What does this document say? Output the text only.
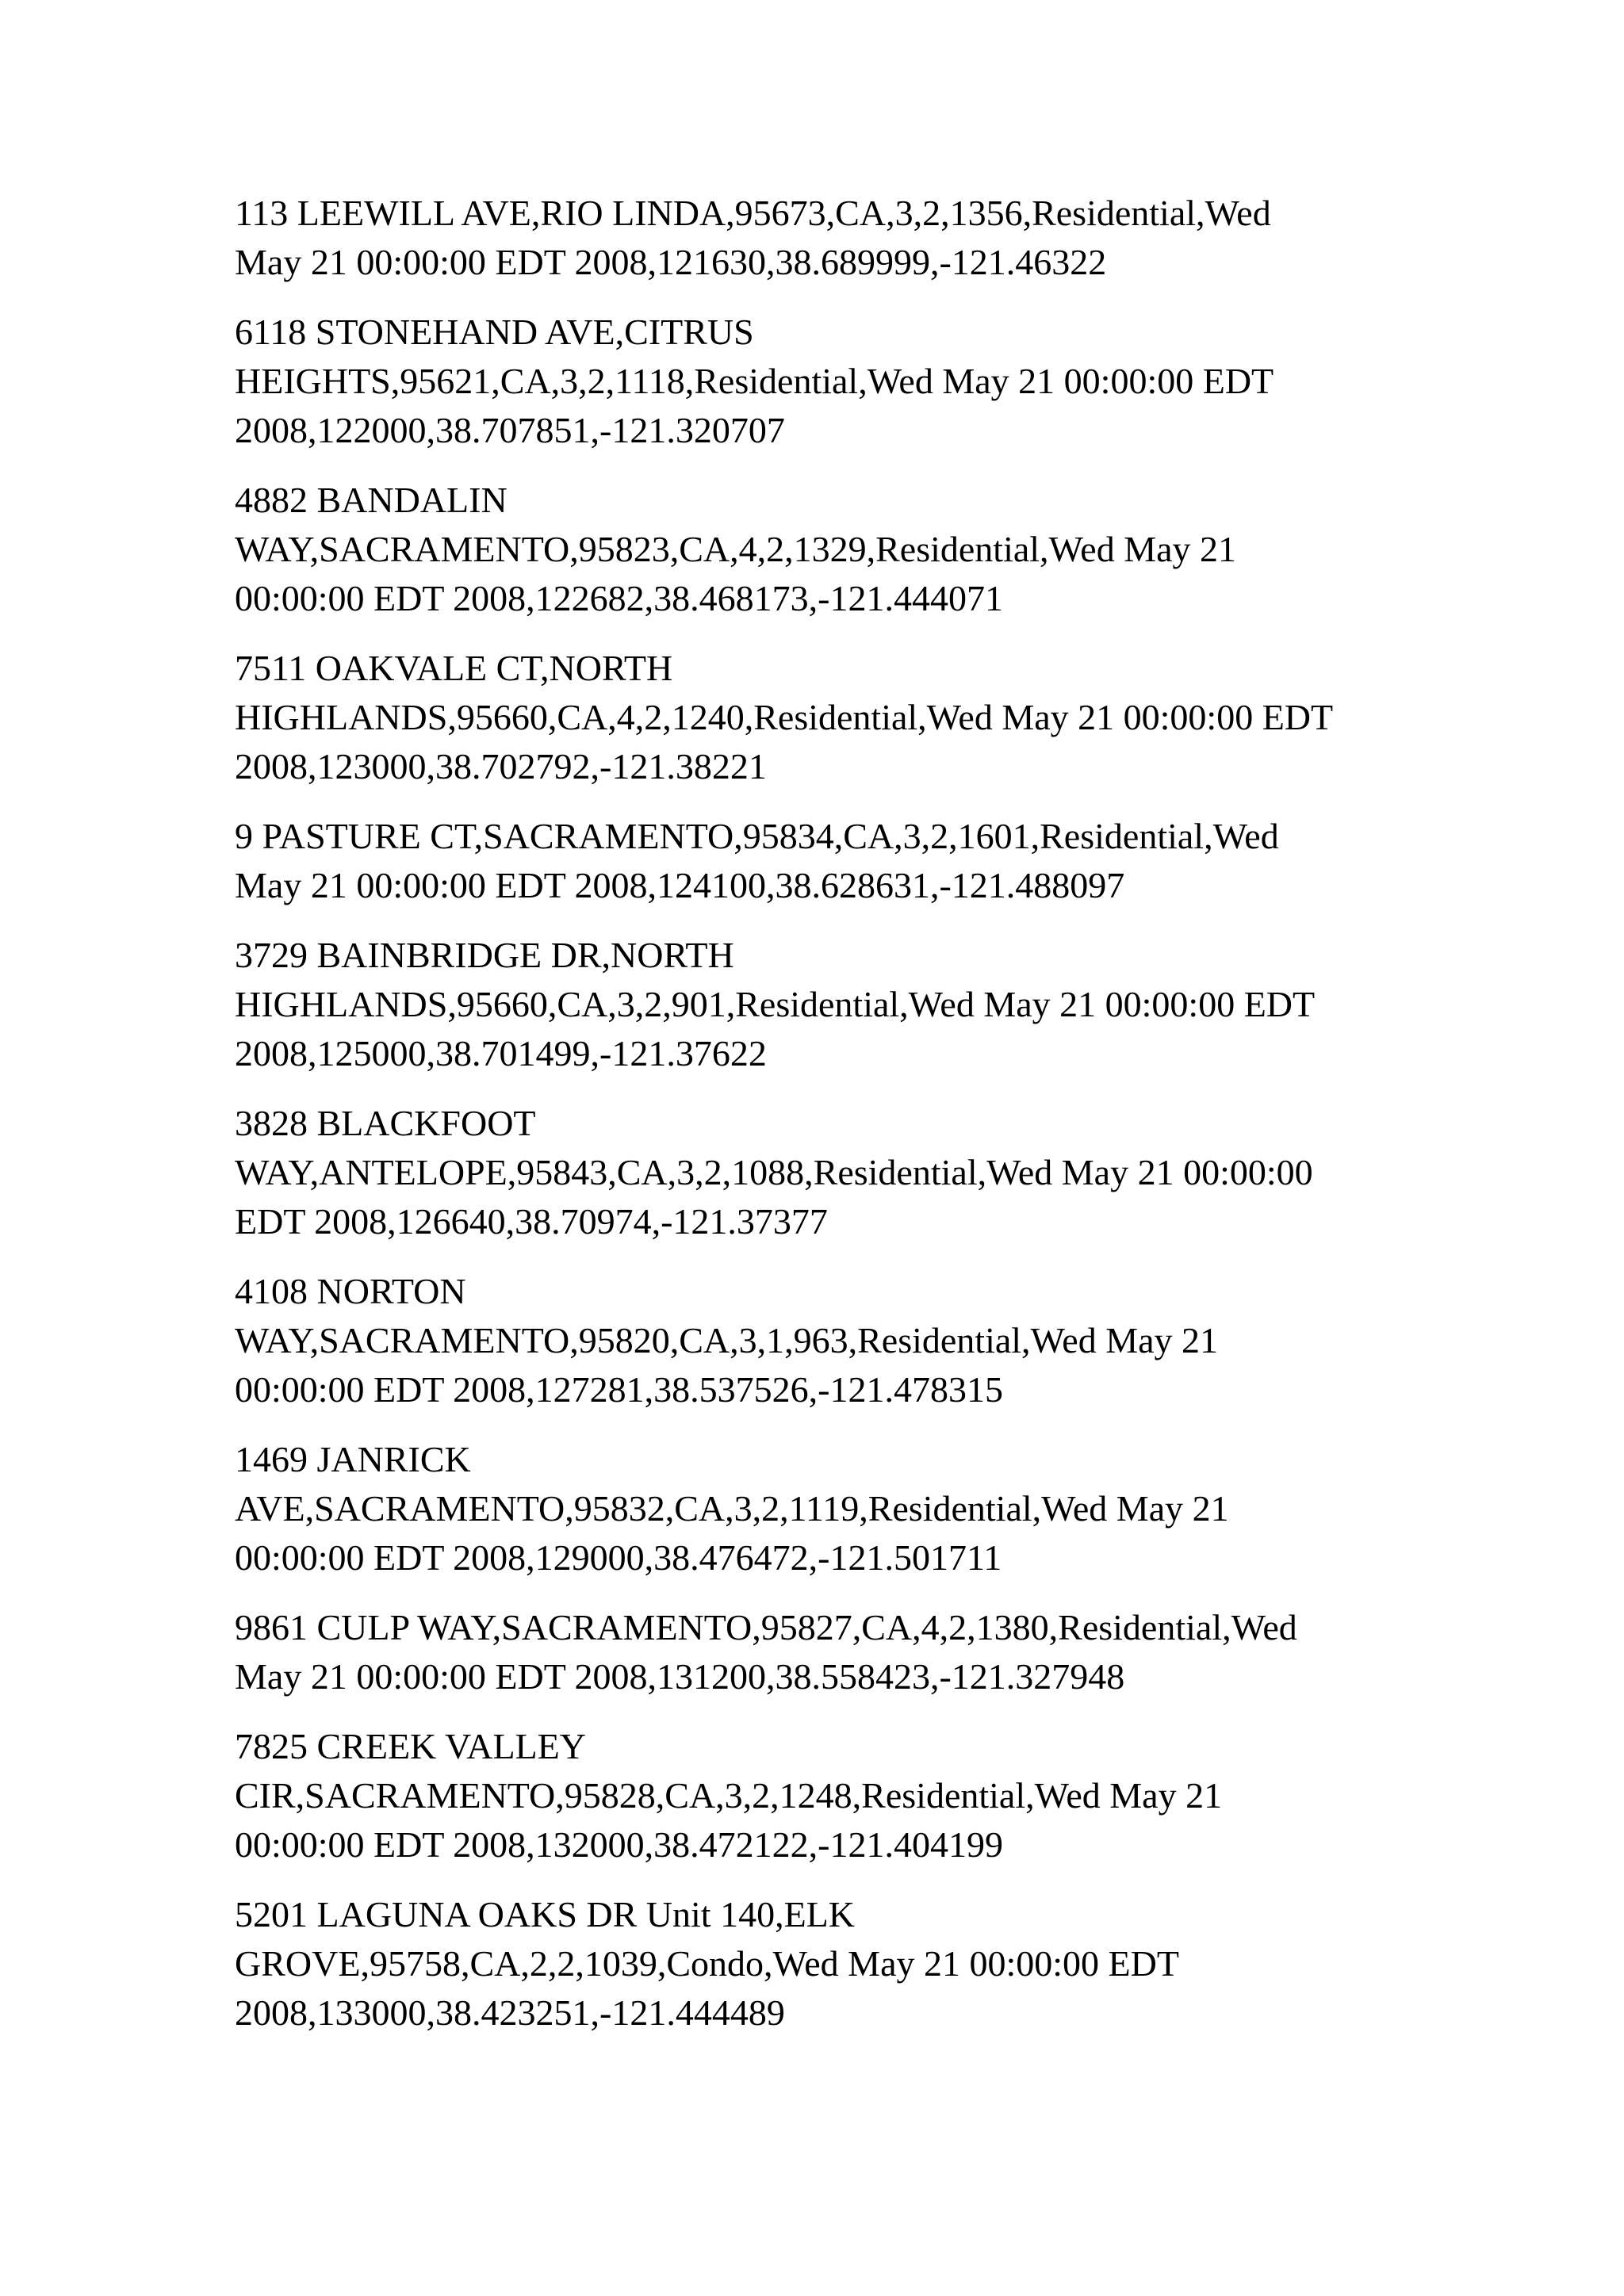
113 LEEWILL AVE,RIO LINDA,95673,CA,3,2,1356,Residential,Wed
May 21 00:00:00 EDT 2008,121630,38.689999,-121.46322
6118 STONEHAND AVE,CITRUS
HEIGHTS,95621,CA,3,2,1118,Residential,Wed May 21 00:00:00 EDT
2008,122000,38.707851,-121.320707
4882 BANDALIN
WAY,SACRAMENTO,95823,CA,4,2,1329,Residential,Wed May 21
00:00:00 EDT 2008,122682,38.468173,-121.444071
7511 OAKVALE CT,NORTH
HIGHLANDS,95660,CA,4,2,1240,Residential,Wed May 21 00:00:00 EDT
2008,123000,38.702792,-121.38221
9 PASTURE CT,SACRAMENTO,95834,CA,3,2,1601,Residential,Wed
May 21 00:00:00 EDT 2008,124100,38.628631,-121.488097
3729 BAINBRIDGE DR,NORTH
HIGHLANDS,95660,CA,3,2,901,Residential,Wed May 21 00:00:00 EDT
2008,125000,38.701499,-121.37622
3828 BLACKFOOT
WAY,ANTELOPE,95843,CA,3,2,1088,Residential,Wed May 21 00:00:00
EDT 2008,126640,38.70974,-121.37377
4108 NORTON
WAY,SACRAMENTO,95820,CA,3,1,963,Residential,Wed May 21
00:00:00 EDT 2008,127281,38.537526,-121.478315
1469 JANRICK
AVE,SACRAMENTO,95832,CA,3,2,1119,Residential,Wed May 21
00:00:00 EDT 2008,129000,38.476472,-121.501711
9861 CULP WAY,SACRAMENTO,95827,CA,4,2,1380,Residential,Wed
May 21 00:00:00 EDT 2008,131200,38.558423,-121.327948
7825 CREEK VALLEY
CIR,SACRAMENTO,95828,CA,3,2,1248,Residential,Wed May 21
00:00:00 EDT 2008,132000,38.472122,-121.404199
5201 LAGUNA OAKS DR Unit 140,ELK
GROVE,95758,CA,2,2,1039,Condo,Wed May 21 00:00:00 EDT
2008,133000,38.423251,-121.444489
